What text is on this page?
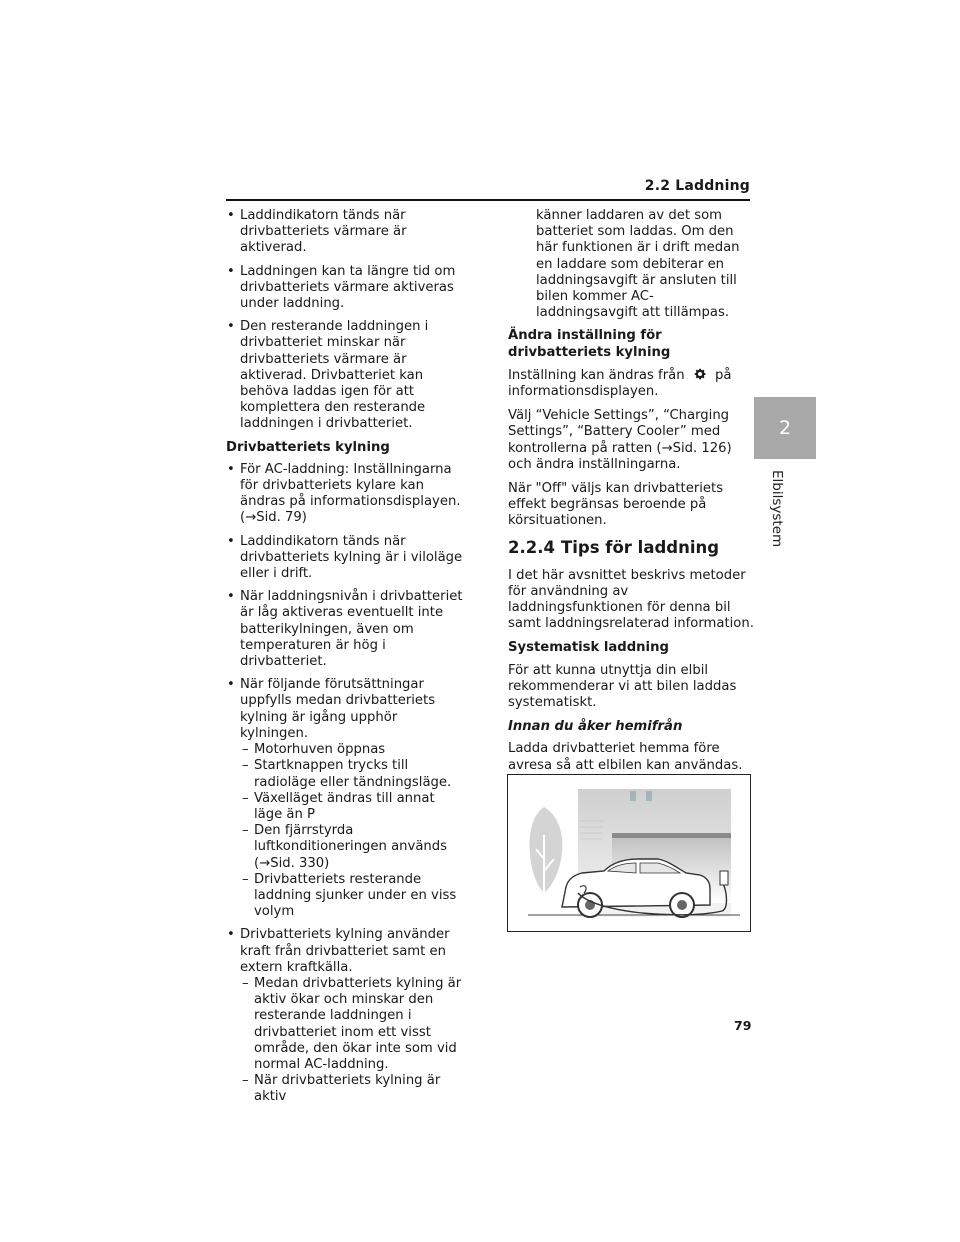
2.2 Laddning
2
Elbilsystem
• Laddindikatorn tänds när drivbatteriets värmare är aktiverad.
• Laddningen kan ta längre tid om drivbatteriets värmare aktiveras under laddning.
• Den resterande laddningen i drivbatteriet minskar när drivbatteriets värmare är aktiverad. Drivbatteriet kan behöva laddas igen för att komplettera den resterande laddningen i drivbatteriet.
Drivbatteriets kylning
• För AC-laddning: Inställningarna för drivbatteriets kylare kan ändras på informationsdisplayen. (→Sid. 79)
• Laddindikatorn tänds när drivbatteriets kylning är i viloläge eller i drift.
• När laddningsnivån i drivbatteriet är låg aktiveras eventuellt inte batterikylningen, även om temperaturen är hög i drivbatteriet.
• När följande förutsättningar uppfylls medan drivbatteriets kylning är igång upphör kylningen.
– Motorhuven öppnas
– Startknappen trycks till radioläge eller tändningsläge.
– Växelläget ändras till annat läge än P
– Den fjärrstyrda luftkonditioneringen används (→Sid. 330)
– Drivbatteriets resterande laddning sjunker under en viss volym
• Drivbatteriets kylning använder kraft från drivbatteriet samt en extern kraftkälla.
– Medan drivbatteriets kylning är aktiv ökar och minskar den resterande laddningen i drivbatteriet inom ett visst område, den ökar inte som vid normal AC-laddning.
– När drivbatteriets kylning är aktiv
känner laddaren av det som batteriet som laddas. Om den här funktionen är i drift medan en laddare som debiterar en laddningsavgift är ansluten till bilen kommer AC-laddningsavgift att tillämpas.
Ändra inställning för drivbatteriets kylning
Inställning kan ändras från på informationsdisplayen.
Välj “Vehicle Settings”, “Charging Settings”, “Battery Cooler” med kontrollerna på ratten (→Sid. 126) och ändra inställningarna.
När "Off" väljs kan drivbatteriets effekt begränsas beroende på körsituationen.
2.2.4 Tips för laddning
I det här avsnittet beskrivs metoder för användning av laddningsfunktionen för denna bil samt laddningsrelaterad information.
Systematisk laddning
För att kunna utnyttja din elbil rekommenderar vi att bilen laddas systematiskt.
Innan du åker hemifrån
Ladda drivbatteriet hemma före avresa så att elbilen kan användas.
79
